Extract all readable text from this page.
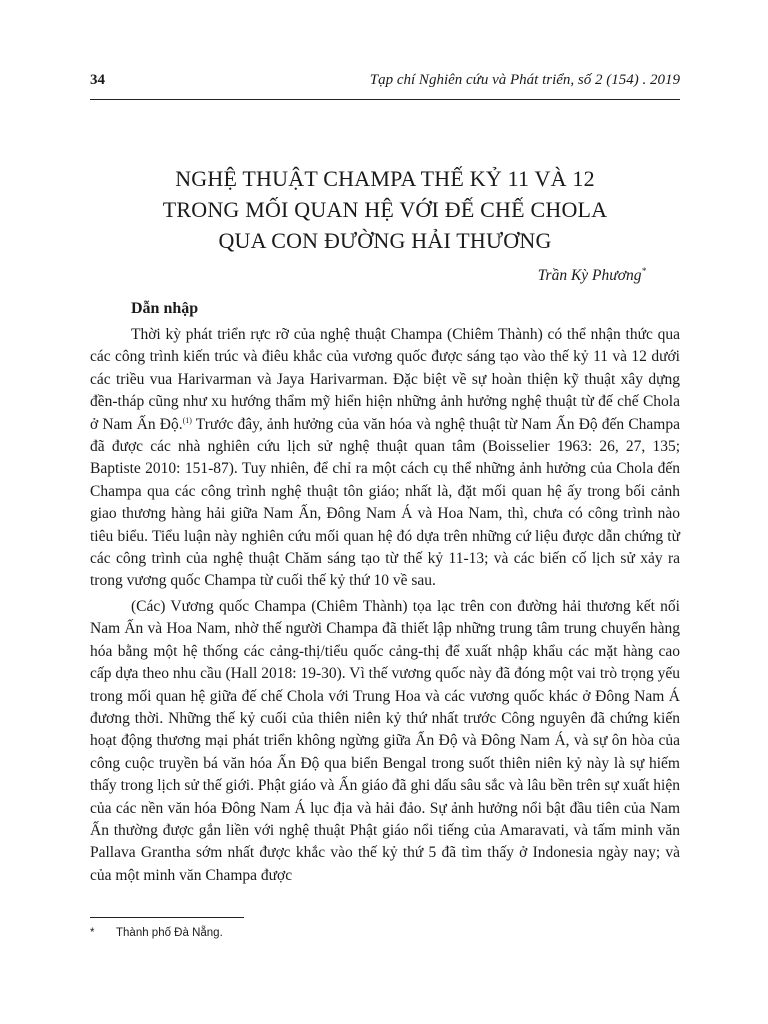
34	Tạp chí Nghiên cứu và Phát triển, số 2 (154) . 2019
NGHỆ THUẬT CHAMPA THẾ KỶ 11 VÀ 12
TRONG MỐI QUAN HỆ VỚI ĐẾ CHẾ CHOLA
QUA CON ĐƯỜNG HẢI THƯƠNG
Trần Kỳ Phương*
Dẫn nhập

Thời kỳ phát triển rực rỡ của nghệ thuật Champa (Chiêm Thành) có thể nhận thức qua các công trình kiến trúc và điêu khắc của vương quốc được sáng tạo vào thế kỷ 11 và 12 dưới các triều vua Harivarman và Jaya Harivarman. Đặc biệt về sự hoàn thiện kỹ thuật xây dựng đền-tháp cũng như xu hướng thẩm mỹ hiển hiện những ảnh hưởng nghệ thuật từ đế chế Chola ở Nam Ấn Độ.$^{(1)}$ Trước đây, ảnh hưởng của văn hóa và nghệ thuật từ Nam Ấn Độ đến Champa đã được các nhà nghiên cứu lịch sử nghệ thuật quan tâm (Boisselier 1963: 26, 27, 135; Baptiste 2010: 151-87). Tuy nhiên, để chỉ ra một cách cụ thể những ảnh hưởng của Chola đến Champa qua các công trình nghệ thuật tôn giáo; nhất là, đặt mối quan hệ ấy trong bối cảnh giao thương hàng hải giữa Nam Ấn, Đông Nam Á và Hoa Nam, thì, chưa có công trình nào tiêu biểu. Tiểu luận này nghiên cứu mối quan hệ đó dựa trên những cứ liệu được dẫn chứng từ các công trình của nghệ thuật Chăm sáng tạo từ thế kỷ 11-13; và các biến cố lịch sử xảy ra trong vương quốc Champa từ cuối thế kỷ thứ 10 về sau.

(Các) Vương quốc Champa (Chiêm Thành) tọa lạc trên con đường hải thương kết nối Nam Ấn và Hoa Nam, nhờ thế người Champa đã thiết lập những trung tâm trung chuyển hàng hóa bằng một hệ thống các cảng-thị/tiểu quốc cảng-thị để xuất nhập khẩu các mặt hàng cao cấp dựa theo nhu cầu (Hall 2018: 19-30). Vì thế vương quốc này đã đóng một vai trò trọng yếu trong mối quan hệ giữa đế chế Chola với Trung Hoa và các vương quốc khác ở Đông Nam Á đương thời. Những thế kỷ cuối của thiên niên kỷ thứ nhất trước Công nguyên đã chứng kiến hoạt động thương mại phát triển không ngừng giữa Ấn Độ và Đông Nam Á, và sự ôn hòa của công cuộc truyền bá văn hóa Ấn Độ qua biển Bengal trong suốt thiên niên kỷ này là sự hiếm thấy trong lịch sử thế giới. Phật giáo và Ấn giáo đã ghi dấu sâu sắc và lâu bền trên sự xuất hiện của các nền văn hóa Đông Nam Á lục địa và hải đảo. Sự ảnh hưởng nổi bật đầu tiên của Nam Ấn thường được gắn liền với nghệ thuật Phật giáo nổi tiếng của Amaravati, và tấm minh văn Pallava Grantha sớm nhất được khắc vào thế kỷ thứ 5 đã tìm thấy ở Indonesia ngày nay; và của một minh văn Champa được

* Thành phố Đà Nẵng.
